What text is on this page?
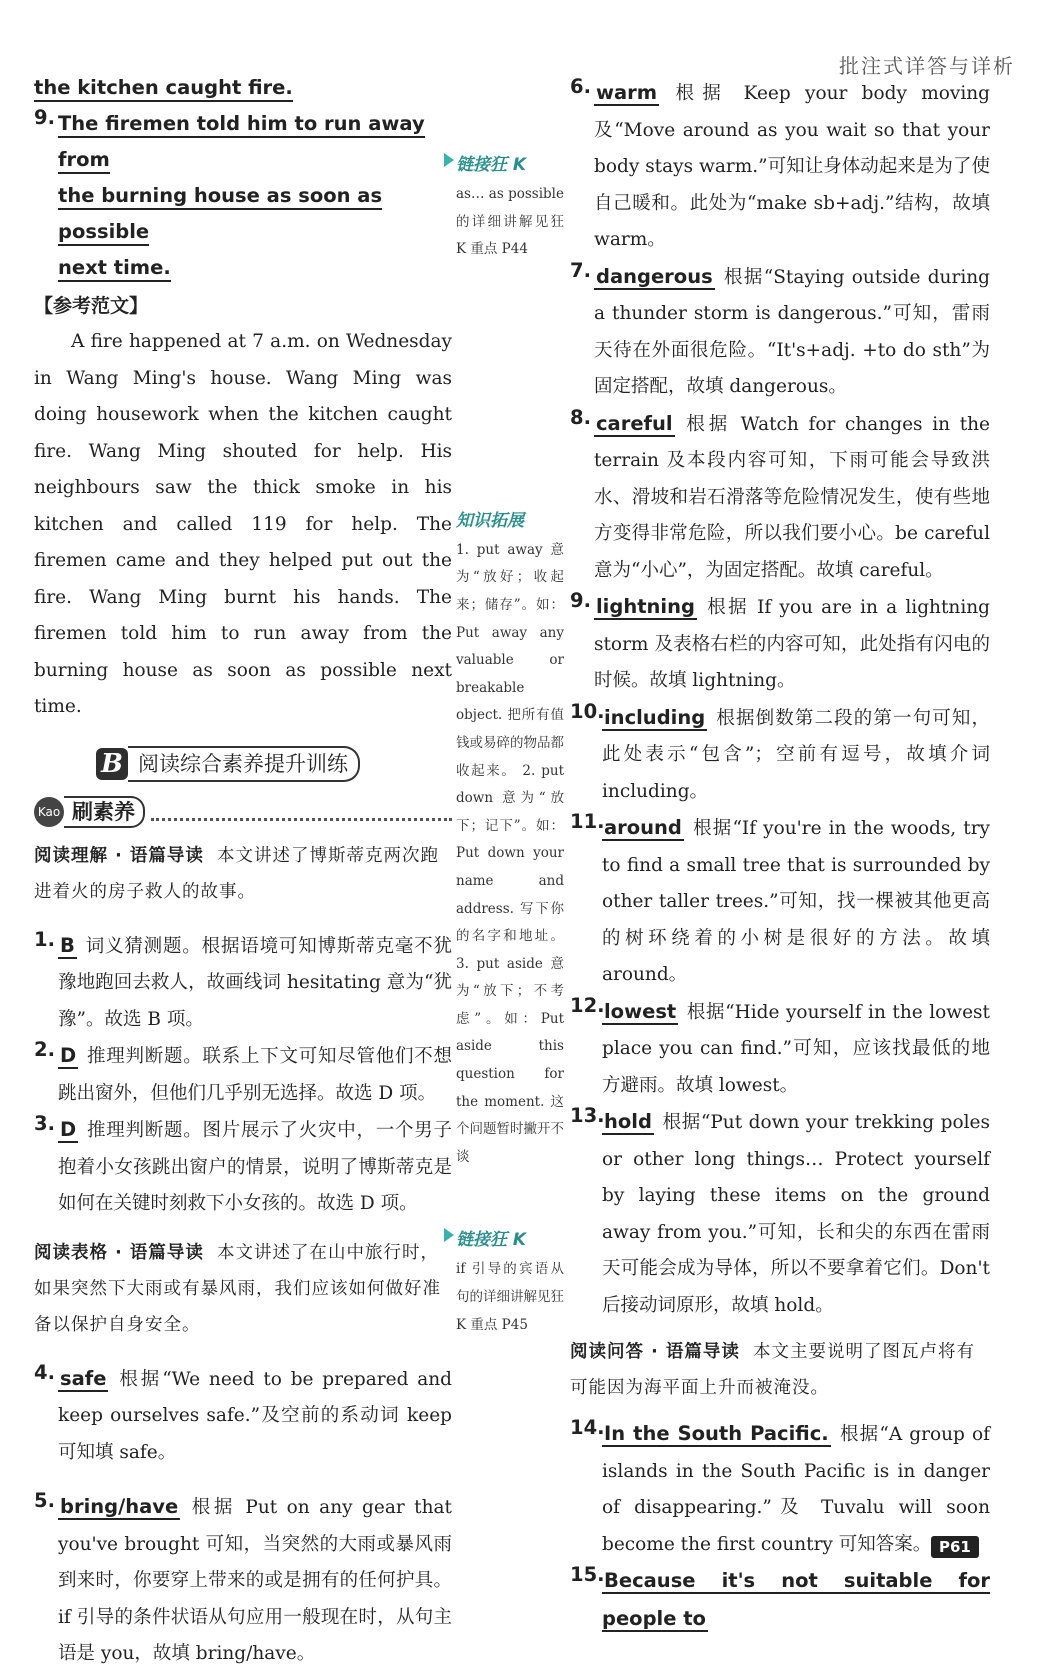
批注式详答与详析

the kitchen caught fire.

9. The firemen told him to run away from

the burning house as soon as possible

next time.

【参考范文】

A fire happened at 7 a.m. on Wednesday in Wang Ming's house. Wang Ming was doing housework when the kitchen caught fire. Wang Ming shouted for help. His neighbours saw the thick smoke in his kitchen and called 119 for help. The firemen came and they helped put out the fire. Wang Ming burnt his hands. The firemen told him to run away from the burning house as soon as possible next time.

B 阅读综合素养提升训练
Kao 刷素养

阅读理解 · 语篇导读 本文讲述了博斯蒂克两次跑进着火的房子救人的故事。

1. B 词义猜测题。根据语境可知博斯蒂克毫不犹豫地跑回去救人，故画线词 hesitating 意为“犹豫”。故选 B 项。

2. D 推理判断题。联系上下文可知尽管他们不想跳出窗外，但他们几乎别无选择。故选 D 项。

3. D 推理判断题。图片展示了火灾中，一个男子抱着小女孩跳出窗户的情景，说明了博斯蒂克是如何在关键时刻救下小女孩的。故选 D 项。

阅读表格 · 语篇导读 本文讲述了在山中旅行时，如果突然下大雨或有暴风雨，我们应该如何做好准备以保护自身安全。

4. safe 根据“We need to be prepared and keep ourselves safe.”及空前的系动词 keep 可知填 safe。

5. bring/have 根据 Put on any gear that you've brought 可知，当突然的大雨或暴风雨到来时，你要穿上带来的或是拥有的任何护具。if 引导的条件状语从句应用一般现在时，从句主语是 you，故填 bring/have。

链接狂 K

as… as possible 的详细讲解见狂 K 重点 P44

知识拓展

1. put away 意为“放好；收起来；储存”。如：Put away any valuable or breakable object. 把所有值钱或易碎的物品都收起来。 2. put down 意为“放下；记下”。如：Put down your name and address. 写下你的名字和地址。 3. put aside 意为“放下；不考虑”。如：Put aside this question for the moment. 这个问题暂时撇开不谈

链接狂 K

if 引导的宾语从句的详细讲解见狂 K 重点 P45

6. warm 根据 Keep your body moving 及“Move around as you wait so that your body stays warm.”可知让身体动起来是为了使自己暖和。此处为“make sb+adj.”结构，故填 warm。

7. dangerous 根据“Staying outside during a thunder storm is dangerous.”可知，雷雨天待在外面很危险。“It's+adj. +to do sth”为固定搭配，故填 dangerous。

8. careful 根据 Watch for changes in the terrain 及本段内容可知，下雨可能会导致洪水、滑坡和岩石滑落等危险情况发生，使有些地方变得非常危险，所以我们要小心。be careful 意为“小心”，为固定搭配。故填 careful。

9. lightning 根据 If you are in a lightning storm 及表格右栏的内容可知，此处指有闪电的时候。故填 lightning。

10. including 根据倒数第二段的第一句可知，此处表示“包含”；空前有逗号，故填介词 including。

11. around 根据“If you're in the woods, try to find a small tree that is surrounded by other taller trees.”可知，找一棵被其他更高的树环绕着的小树是很好的方法。故填 around。

12. lowest 根据“Hide yourself in the lowest place you can find.”可知，应该找最低的地方避雨。故填 lowest。

13. hold 根据“Put down your trekking poles or other long things… Protect yourself by laying these items on the ground away from you.”可知，长和尖的东西在雷雨天可能会成为导体，所以不要拿着它们。Don't 后接动词原形，故填 hold。

阅读问答 · 语篇导读 本文主要说明了图瓦卢将有可能因为海平面上升而被淹没。

14. In the South Pacific. 根据“A group of islands in the South Pacific is in danger of disappearing.”及 Tuvalu will soon become the first country 可知答案。

15. Because it's not suitable for people to

P61
